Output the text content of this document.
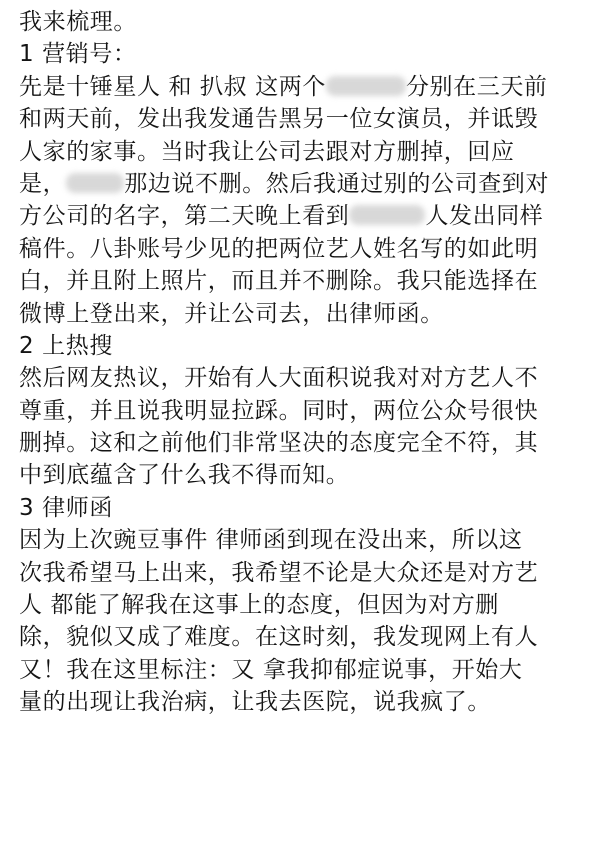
我来梳理。
1 营销号：
先是十锤星人 和 扒叔 这两个	分别在三天前
和两天前，发出我发通告黑另一位女演员，并诋毁
人家的家事。当时我让公司去跟对方删掉，回应
是，	那边说不删。然后我通过别的公司查到对
方公司的名字，第二天晚上看到	人发出同样
稿件。八卦账号少见的把两位艺人姓名写的如此明
白，并且附上照片，而且并不删除。我只能选择在
微博上登出来，并让公司去，出律师函。
2 上热搜
然后网友热议，开始有人大面积说我对对方艺人不
尊重，并且说我明显拉踩。同时，两位公众号很快
删掉。这和之前他们非常坚决的态度完全不符，其
中到底蕴含了什么我不得而知。
3 律师函
因为上次豌豆事件 律师函到现在没出来，所以这
次我希望马上出来，我希望不论是大众还是对方艺
人 都能了解我在这事上的态度，但因为对方删
除，貌似又成了难度。在这时刻，我发现网上有人
又！我在这里标注：又 拿我抑郁症说事，开始大
量的出现让我治病，让我去医院，说我疯了。
